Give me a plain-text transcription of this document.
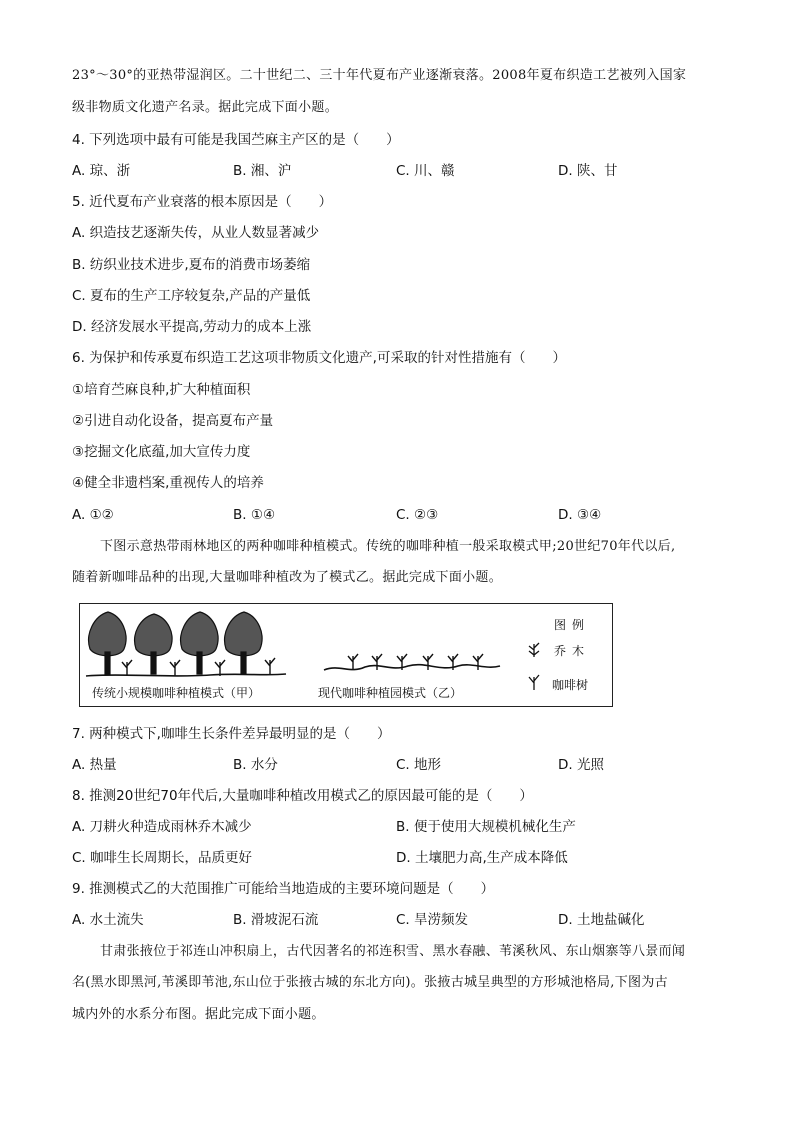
23°～30°的亚热带湿润区。二十世纪二、三十年代夏布产业逐渐衰落。2008年夏布织造工艺被列入国家
级非物质文化遗产名录。据此完成下面小题。
4. 下列选项中最有可能是我国苎麻主产区的是（　　）
A. 琼、浙	B. 湘、沪	C. 川、赣	D. 陕、甘
5. 近代夏布产业衰落的根本原因是（　　）
A. 织造技艺逐渐失传，从业人数显著减少
B. 纺织业技术进步,夏布的消费市场萎缩
C. 夏布的生产工序较复杂,产品的产量低
D. 经济发展水平提高,劳动力的成本上涨
6. 为保护和传承夏布织造工艺这项非物质文化遗产,可采取的针对性措施有（　　）
①培育苎麻良种,扩大种植面积
②引进自动化设备，提高夏布产量
③挖掘文化底蕴,加大宣传力度
④健全非遗档案,重视传人的培养
A. ①②	B. ①④	C. ②③	D. ③④
下图示意热带雨林地区的两种咖啡种植模式。传统的咖啡种植一般采取模式甲;20世纪70年代以后,
随着新咖啡品种的出现,大量咖啡种植改为了模式乙。据此完成下面小题。
传统小规模咖啡种植模式（甲）	现代咖啡种植园模式（乙）
图例
乔木
咖啡树
7. 两种模式下,咖啡生长条件差异最明显的是（　　）
A. 热量	B. 水分	C. 地形	D. 光照
8. 推测20世纪70年代后,大量咖啡种植改用模式乙的原因最可能的是（　　）
A. 刀耕火种造成雨林乔木减少	B. 便于使用大规模机械化生产
C. 咖啡生长周期长，品质更好	D. 土壤肥力高,生产成本降低
9. 推测模式乙的大范围推广可能给当地造成的主要环境问题是（　　）
A. 水土流失	B. 滑坡泥石流	C. 旱涝频发	D. 土地盐碱化
甘肃张掖位于祁连山冲积扇上，古代因著名的祁连积雪、黑水春融、苇溪秋风、东山烟寨等八景而闻
名(黑水即黑河,苇溪即苇池,东山位于张掖古城的东北方向)。张掖古城呈典型的方形城池格局,下图为古
城内外的水系分布图。据此完成下面小题。
